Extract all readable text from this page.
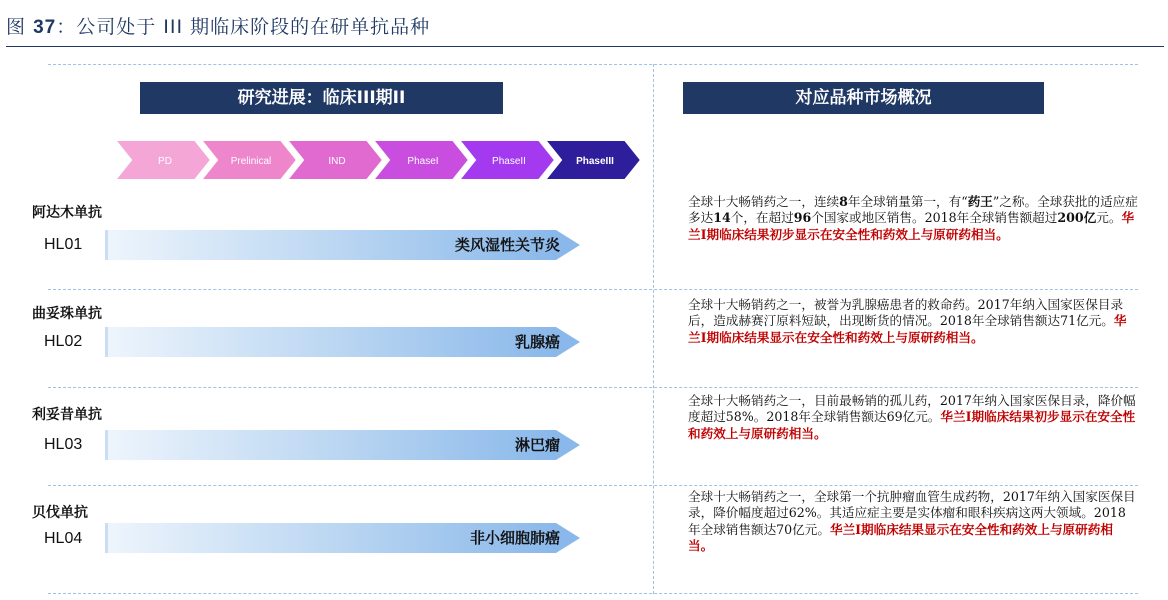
图 37：公司处于 III 期临床阶段的在研单抗品种
研究进展：临床III期II	对应品种市场概况
PD	Prelinical	IND	PhaseI	PhaseII	PhaseIII
阿达木单抗
HL01	类风湿性关节炎
全球十大畅销药之一，连续8年全球销量第一，有“药王”之称。全球获批的适应症多达14个，在超过96个国家或地区销售。2018年全球销售额超过200亿元。华兰I期临床结果初步显示在安全性和药效上与原研药相当。
曲妥珠单抗
HL02	乳腺癌
全球十大畅销药之一，被誉为乳腺癌患者的救命药。2017年纳入国家医保目录后，造成赫赛汀原料短缺，出现断货的情况。2018年全球销售额达71亿元。华兰I期临床结果显示在安全性和药效上与原研药相当。
利妥昔单抗
HL03	淋巴瘤
全球十大畅销药之一，目前最畅销的孤儿药，2017年纳入国家医保目录，降价幅度超过58%。2018年全球销售额达69亿元。华兰I期临床结果初步显示在安全性和药效上与原研药相当。
贝伐单抗
HL04	非小细胞肺癌
全球十大畅销药之一，全球第一个抗肿瘤血管生成药物，2017年纳入国家医保目录，降价幅度超过62%。其适应症主要是实体瘤和眼科疾病这两大领域。2018年全球销售额达70亿元。华兰I期临床结果显示在安全性和药效上与原研药相当。
